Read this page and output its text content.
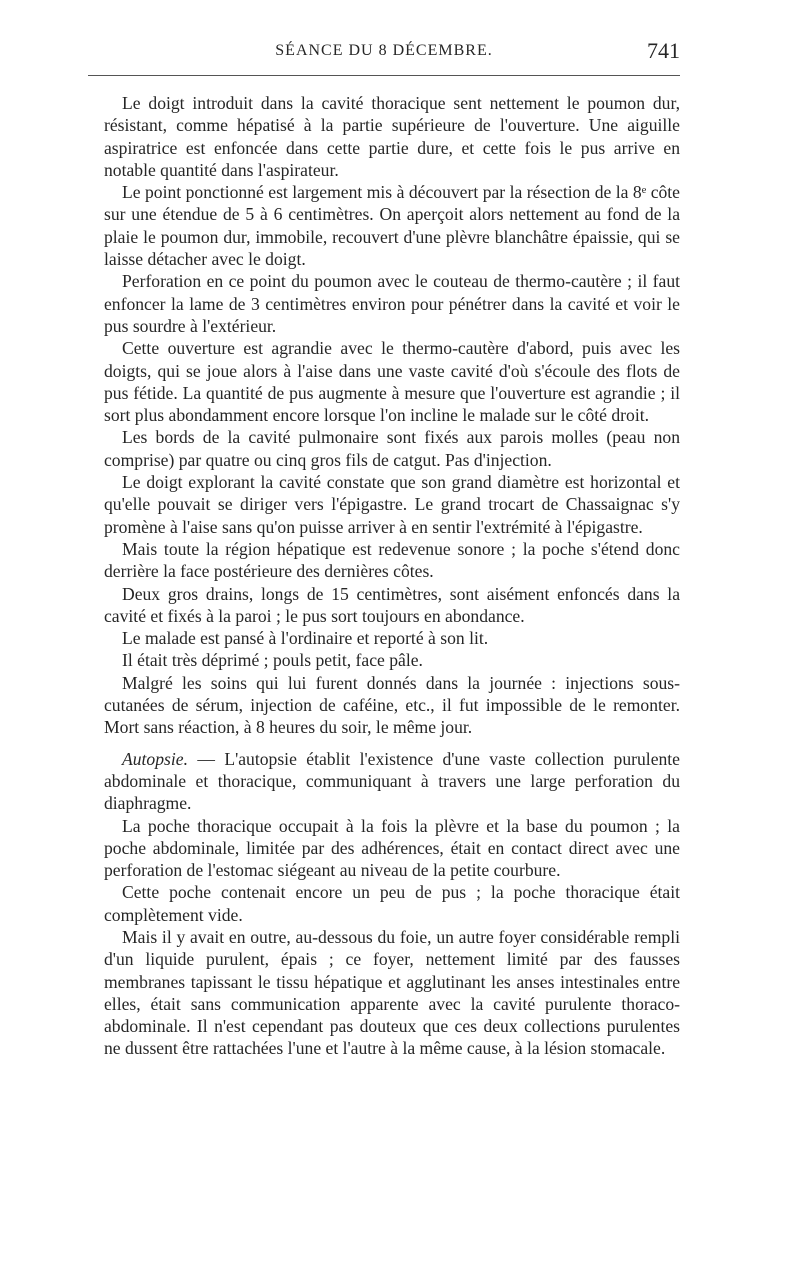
SÉANCE DU 8 DÉCEMBRE.	741

Le doigt introduit dans la cavité thoracique sent nettement le poumon dur, résistant, comme hépatisé à la partie supérieure de l'ouverture. Une aiguille aspiratrice est enfoncée dans cette partie dure, et cette fois le pus arrive en notable quantité dans l'aspirateur.

Le point ponctionné est largement mis à découvert par la résection de la 8ᵉ côte sur une étendue de 5 à 6 centimètres. On aperçoit alors nettement au fond de la plaie le poumon dur, immobile, recouvert d'une plèvre blanchâtre épaissie, qui se laisse détacher avec le doigt.

Perforation en ce point du poumon avec le couteau de thermo-cautère ; il faut enfoncer la lame de 3 centimètres environ pour pénétrer dans la cavité et voir le pus sourdre à l'extérieur.

Cette ouverture est agrandie avec le thermo-cautère d'abord, puis avec les doigts, qui se joue alors à l'aise dans une vaste cavité d'où s'écoule des flots de pus fétide. La quantité de pus augmente à mesure que l'ouverture est agrandie ; il sort plus abondamment encore lorsque l'on incline le malade sur le côté droit.

Les bords de la cavité pulmonaire sont fixés aux parois molles (peau non comprise) par quatre ou cinq gros fils de catgut. Pas d'injection.

Le doigt explorant la cavité constate que son grand diamètre est horizontal et qu'elle pouvait se diriger vers l'épigastre. Le grand trocart de Chassaignac s'y promène à l'aise sans qu'on puisse arriver à en sentir l'extrémité à l'épigastre.

Mais toute la région hépatique est redevenue sonore ; la poche s'étend donc derrière la face postérieure des dernières côtes.

Deux gros drains, longs de 15 centimètres, sont aisément enfoncés dans la cavité et fixés à la paroi ; le pus sort toujours en abondance.

Le malade est pansé à l'ordinaire et reporté à son lit.

Il était très déprimé ; pouls petit, face pâle.

Malgré les soins qui lui furent donnés dans la journée : injections sous-cutanées de sérum, injection de caféine, etc., il fut impossible de le remonter. Mort sans réaction, à 8 heures du soir, le même jour.

Autopsie. — L'autopsie établit l'existence d'une vaste collection purulente abdominale et thoracique, communiquant à travers une large perforation du diaphragme.

La poche thoracique occupait à la fois la plèvre et la base du poumon ; la poche abdominale, limitée par des adhérences, était en contact direct avec une perforation de l'estomac siégeant au niveau de la petite courbure.

Cette poche contenait encore un peu de pus ; la poche thoracique était complètement vide.

Mais il y avait en outre, au-dessous du foie, un autre foyer considérable rempli d'un liquide purulent, épais ; ce foyer, nettement limité par des fausses membranes tapissant le tissu hépatique et agglutinant les anses intestinales entre elles, était sans communication apparente avec la cavité purulente thoraco-abdominale. Il n'est cependant pas douteux que ces deux collections purulentes ne dussent être rattachées l'une et l'autre à la même cause, à la lésion stomacale.
